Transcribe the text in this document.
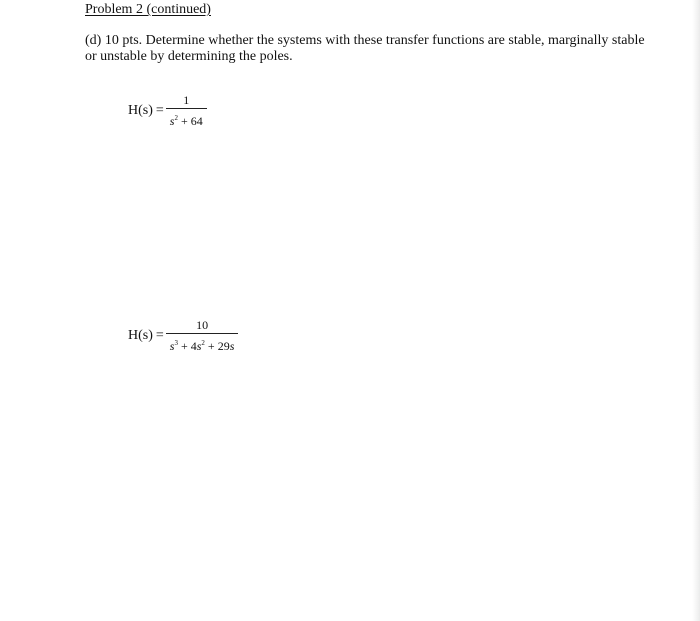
Problem 2 (continued)
(d) 10 pts. Determine whether the systems with these transfer functions are stable, marginally stable or unstable by determining the poles.
$H(s) = \frac{1}{s^2 + 64}$
$H(s) = \frac{10}{s^3 + 4s^2 + 29s}$
